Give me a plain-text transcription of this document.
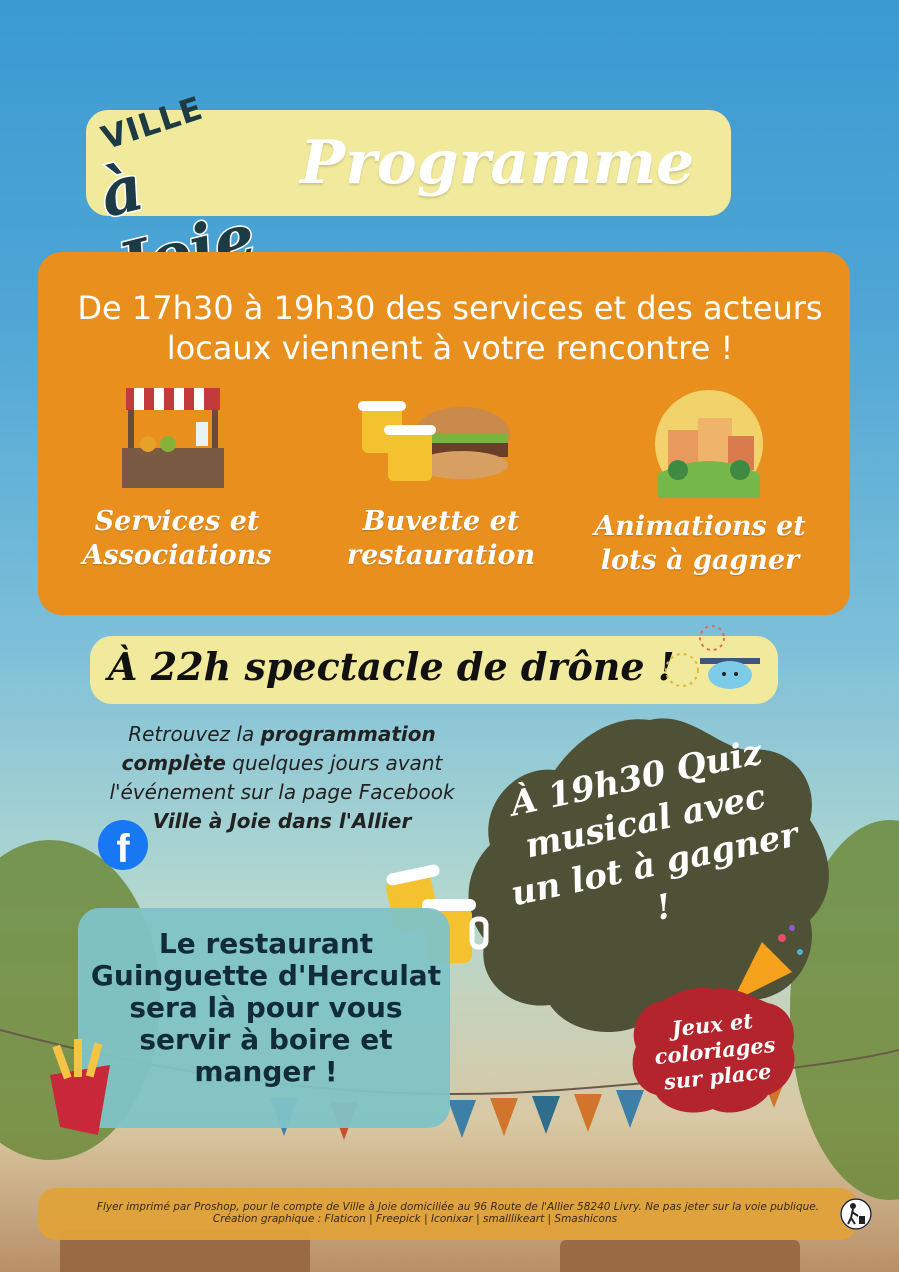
VILLE
à	Programme
De 17h30 à 19h30 des services et des acteurs locaux viennent à votre rencontre !
Services et Associations
Buvette et restauration
Animations et lots à gagner
À 22h spectacle de drône !
Retrouvez la programmation complète quelques jours avant l'événement sur la page Facebook Ville à Joie dans l'Allier
f
À 19h30 Quiz musical avec un lot à gagner !
Le restaurant Guinguette d'Herculat sera là pour vous servir à boire et manger !
Jeux et coloriages sur place
Flyer imprimé par Proshop, pour le compte de Ville à Joie domiciliée au 96 Route de l'Allier 58240 Livry. Ne pas jeter sur la voie publique.
Création graphique : Flaticon | Freepick | Iconixar | smalllikeart | Smashicons
